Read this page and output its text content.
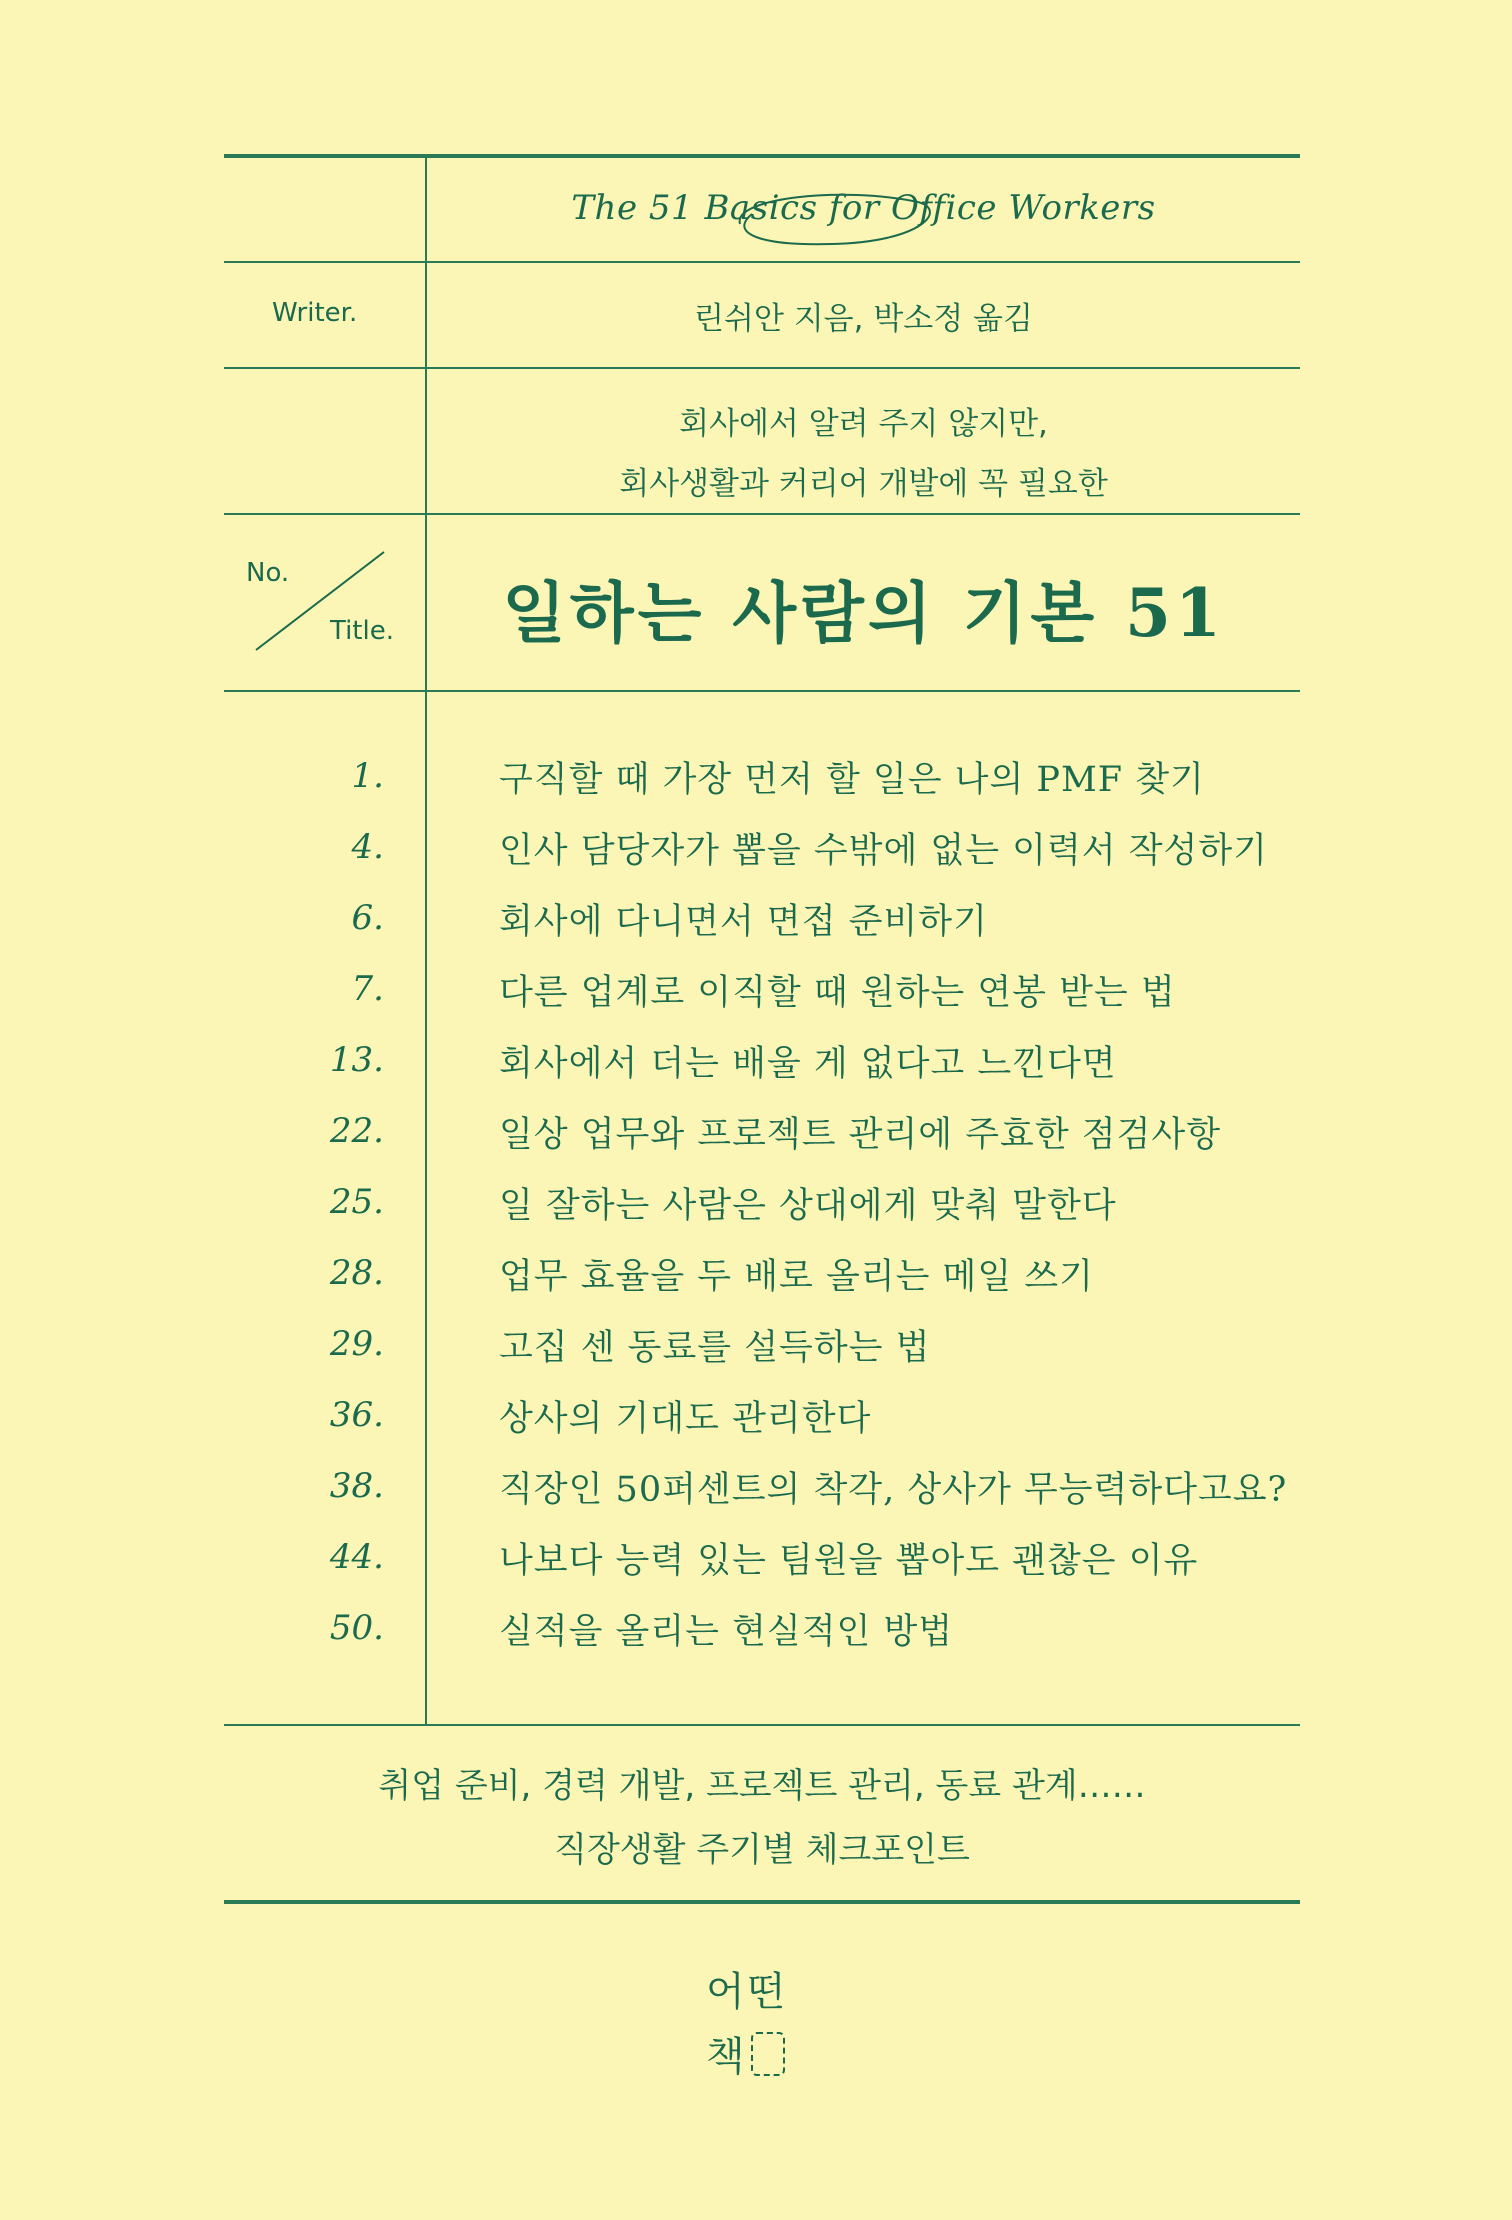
The 51 Basics for Office Workers
Writer.	린쉬안 지음, 박소정 옮김
회사에서 알려 주지 않지만,
회사생활과 커리어 개발에 꼭 필요한
No.
Title.	일하는 사람의 기본 51
1.	구직할 때 가장 먼저 할 일은 나의 PMF 찾기
4.	인사 담당자가 뽑을 수밖에 없는 이력서 작성하기
6.	회사에 다니면서 면접 준비하기
7.	다른 업계로 이직할 때 원하는 연봉 받는 법
13.	회사에서 더는 배울 게 없다고 느낀다면
22.	일상 업무와 프로젝트 관리에 주효한 점검사항
25.	일 잘하는 사람은 상대에게 맞춰 말한다
28.	업무 효율을 두 배로 올리는 메일 쓰기
29.	고집 센 동료를 설득하는 법
36.	상사의 기대도 관리한다
38.	직장인 50퍼센트의 착각, 상사가 무능력하다고요?
44.	나보다 능력 있는 팀원을 뽑아도 괜찮은 이유
50.	실적을 올리는 현실적인 방법
취업 준비, 경력 개발, 프로젝트 관리, 동료 관계……
직장생활 주기별 체크포인트
어떤
책
